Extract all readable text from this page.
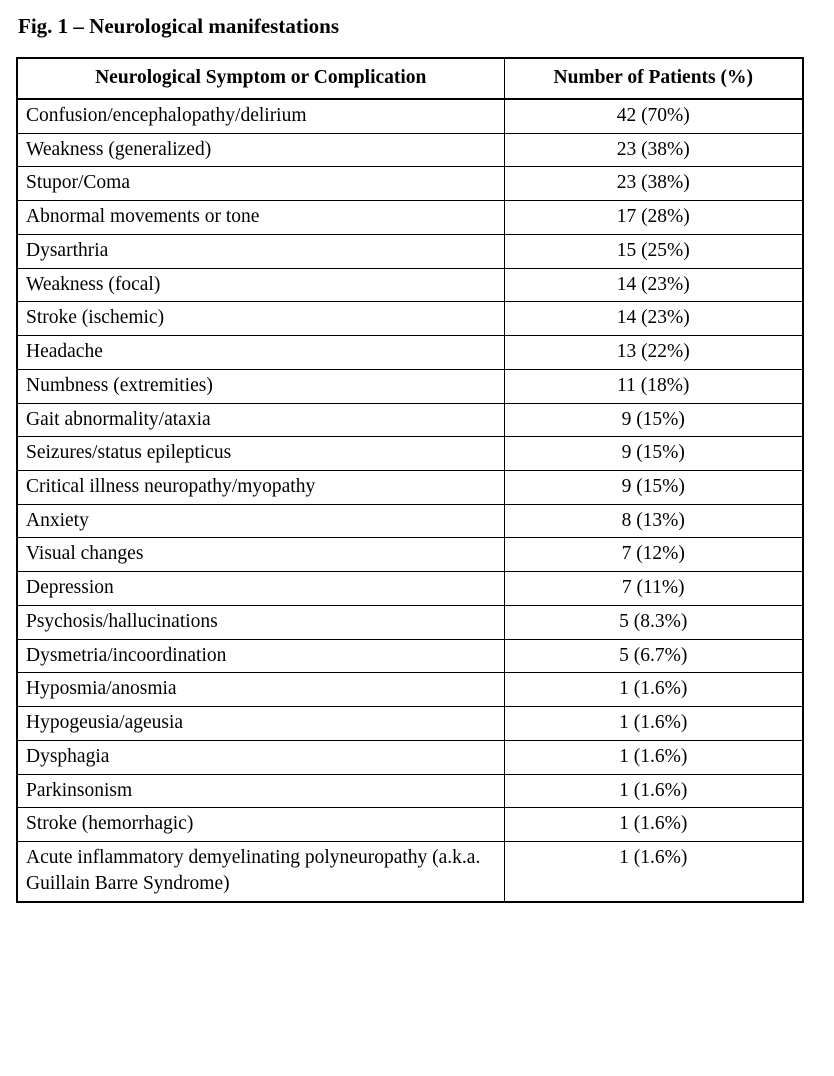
Fig. 1 – Neurological manifestations
Neurological Symptom or Complication	Number of Patients (%)
Confusion/encephalopathy/delirium	42 (70%)
Weakness (generalized)	23 (38%)
Stupor/Coma	23 (38%)
Abnormal movements or tone	17 (28%)
Dysarthria	15 (25%)
Weakness (focal)	14 (23%)
Stroke (ischemic)	14 (23%)
Headache	13 (22%)
Numbness (extremities)	11 (18%)
Gait abnormality/ataxia	9 (15%)
Seizures/status epilepticus	9 (15%)
Critical illness neuropathy/myopathy	9 (15%)
Anxiety	8 (13%)
Visual changes	7 (12%)
Depression	7 (11%)
Psychosis/hallucinations	5 (8.3%)
Dysmetria/incoordination	5 (6.7%)
Hyposmia/anosmia	1 (1.6%)
Hypogeusia/ageusia	1 (1.6%)
Dysphagia	1 (1.6%)
Parkinsonism	1 (1.6%)
Stroke (hemorrhagic)	1 (1.6%)
Acute inflammatory demyelinating polyneuropathy (a.k.a. Guillain Barre Syndrome)	1 (1.6%)
